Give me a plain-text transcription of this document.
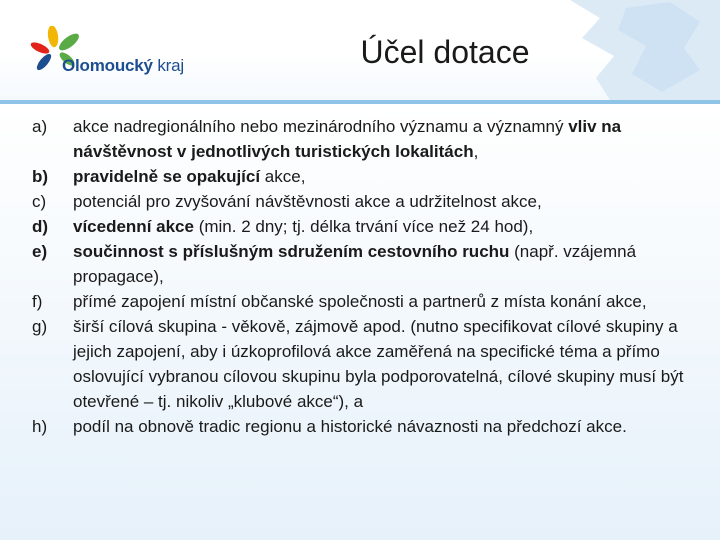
Olomoucký kraj	Účel dotace
a) akce nadregionálního nebo mezinárodního významu a významný vliv na návštěvnost v jednotlivých turistických lokalitách,
b) pravidelně se opakující akce,
c) potenciál pro zvyšování návštěvnosti akce a udržitelnost akce,
d) vícedenní akce (min. 2 dny; tj. délka trvání více než 24 hod),
e) součinnost s příslušným sdružením cestovního ruchu (např. vzájemná propagace),
f) přímé zapojení místní občanské společnosti a partnerů z místa konání akce,
g) širší cílová skupina - věkově, zájmově apod. (nutno specifikovat cílové skupiny a jejich zapojení, aby i úzkoprofilová akce zaměřená na specifické téma a přímo oslovující vybranou cílovou skupinu byla podporovatelná, cílové skupiny musí být otevřené – tj. nikoliv „klubové akce“), a
h) podíl na obnově tradic regionu a historické návaznosti na předchozí akce.
